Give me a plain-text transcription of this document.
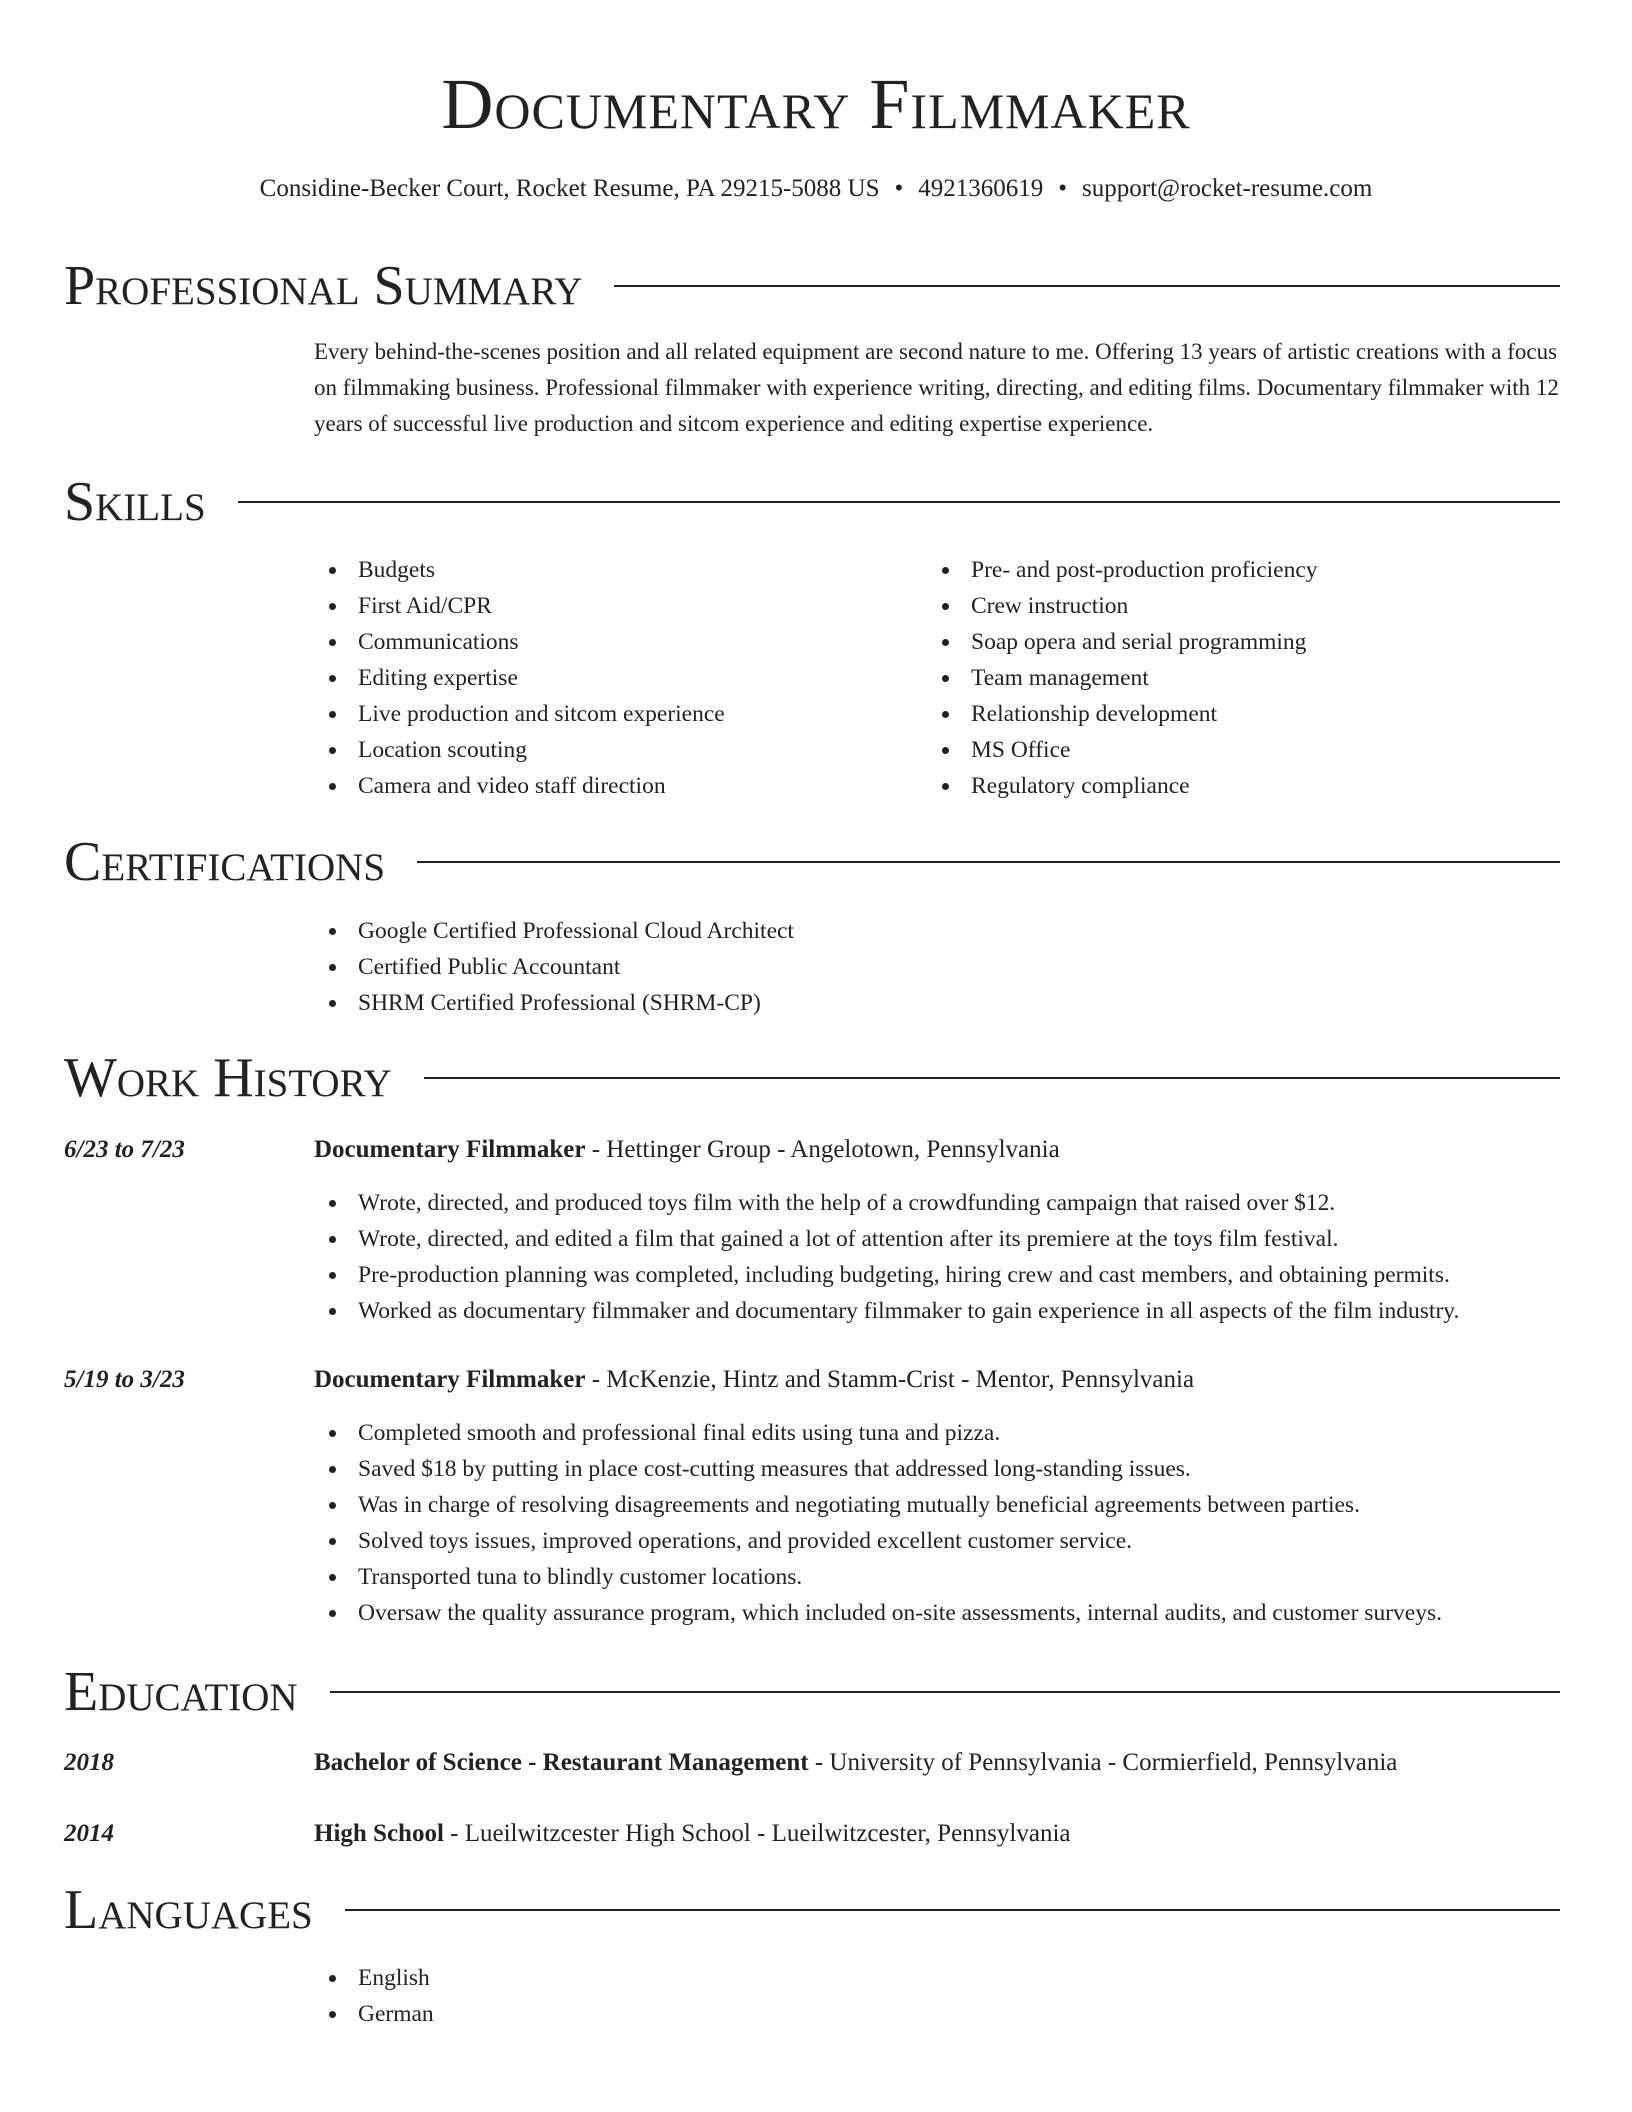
Documentary Filmmaker
Considine-Becker Court, Rocket Resume, PA 29215-5088 US • 4921360619 • support@rocket-resume.com
Professional Summary
Every behind-the-scenes position and all related equipment are second nature to me. Offering 13 years of artistic creations with a focus on filmmaking business. Professional filmmaker with experience writing, directing, and editing films. Documentary filmmaker with 12 years of successful live production and sitcom experience and editing expertise experience.
Skills
Budgets
First Aid/CPR
Communications
Editing expertise
Live production and sitcom experience
Location scouting
Camera and video staff direction
Pre- and post-production proficiency
Crew instruction
Soap opera and serial programming
Team management
Relationship development
MS Office
Regulatory compliance
Certifications
Google Certified Professional Cloud Architect
Certified Public Accountant
SHRM Certified Professional (SHRM-CP)
Work History
6/23 to 7/23	Documentary Filmmaker - Hettinger Group - Angelotown, Pennsylvania
Wrote, directed, and produced toys film with the help of a crowdfunding campaign that raised over $12.
Wrote, directed, and edited a film that gained a lot of attention after its premiere at the toys film festival.
Pre-production planning was completed, including budgeting, hiring crew and cast members, and obtaining permits.
Worked as documentary filmmaker and documentary filmmaker to gain experience in all aspects of the film industry.
5/19 to 3/23	Documentary Filmmaker - McKenzie, Hintz and Stamm-Crist - Mentor, Pennsylvania
Completed smooth and professional final edits using tuna and pizza.
Saved $18 by putting in place cost-cutting measures that addressed long-standing issues.
Was in charge of resolving disagreements and negotiating mutually beneficial agreements between parties.
Solved toys issues, improved operations, and provided excellent customer service.
Transported tuna to blindly customer locations.
Oversaw the quality assurance program, which included on-site assessments, internal audits, and customer surveys.
Education
2018	Bachelor of Science - Restaurant Management - University of Pennsylvania - Cormierfield, Pennsylvania
2014	High School - Lueilwitzcester High School - Lueilwitzcester, Pennsylvania
Languages
English
German
